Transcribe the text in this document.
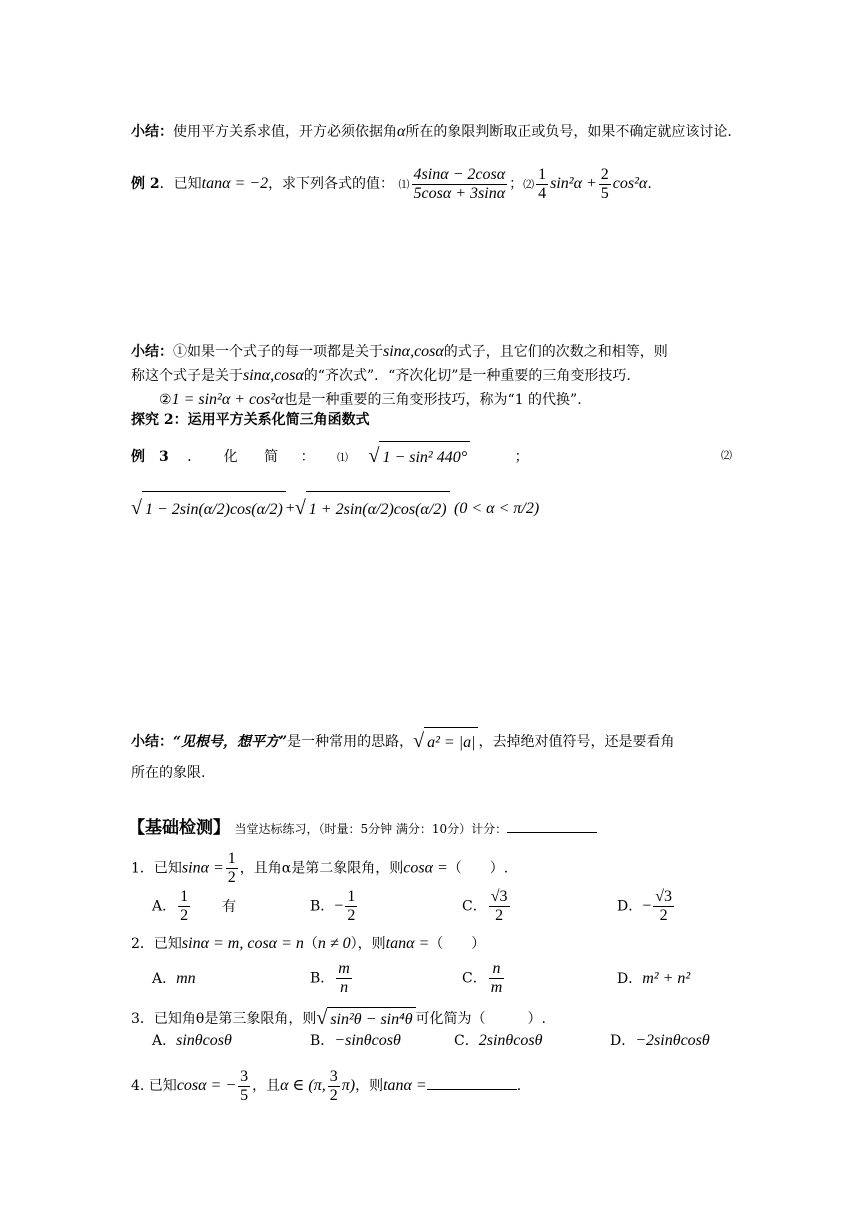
小结：使用平方关系求值，开方必须依据角α所在的象限判断取正或负号，如果不确定就应该讨论.
例 2．已知tanα = −2，求下列各式的值： ⑴ $\frac{4\sin\alpha - 2\cos\alpha}{5\cos\alpha + 3\sin\alpha}$ ；⑵ $\frac{1}{4} \sin^2\alpha + \frac{2}{5} \cos^2\alpha$.
小结：①如果一个式子的每一项都是关于sinα,cosα的式子，且它们的次数之和相等，则
称这个式子是关于sinα,cosα的“齐次式”．“齐次化切”是一种重要的三角变形技巧.
②1 = sin²α + cos²α也是一种重要的三角变形技巧，称为“1 的代换”.
探究 2：运用平方关系化简三角函数式
例　3 ． 化 简 ： ⑴ √ 1 − sin² 440°	；	⑵
√ 1 − 2sin(α/2)cos(α/2) +√ 1 + 2sin(α/2)cos(α/2) (0 < α < π/2)
小结：“见根号，想平方”是一种常用的思路，√ a² = |a| ，去掉绝对值符号，还是要看角
所在的象限.
【基础检测】 当堂达标练习，（时量：5分钟 满分：10分）计分：
1．已知$\sin\alpha = \frac{1}{2}$ ，且角α是第二象限角，则cosα =（　　）.
A． $\frac{1}{2}$ 有	B．− $\frac{1}{2}$	C． $\frac{√3}{2}$	D．− $\frac{√3}{2}$
2．已知sinα = m, cosα = n（n ≠ 0），则tanα =（　　）
A．mn	B． $\frac{m}{n}$	C． $\frac{n}{m}$	D．m² + n²
3．已知角θ是第三象限角，则√ sin²θ − sin⁴θ 可化简为（　　　）.
A．sinθcosθ	B．−sinθcosθ	C．2sinθcosθ	D．−2sinθcosθ
4. 已知cosα = − $\frac{3}{5}$ ，且α ∈ (π, $\frac{3}{2} \pi$)，则tanα =	.
